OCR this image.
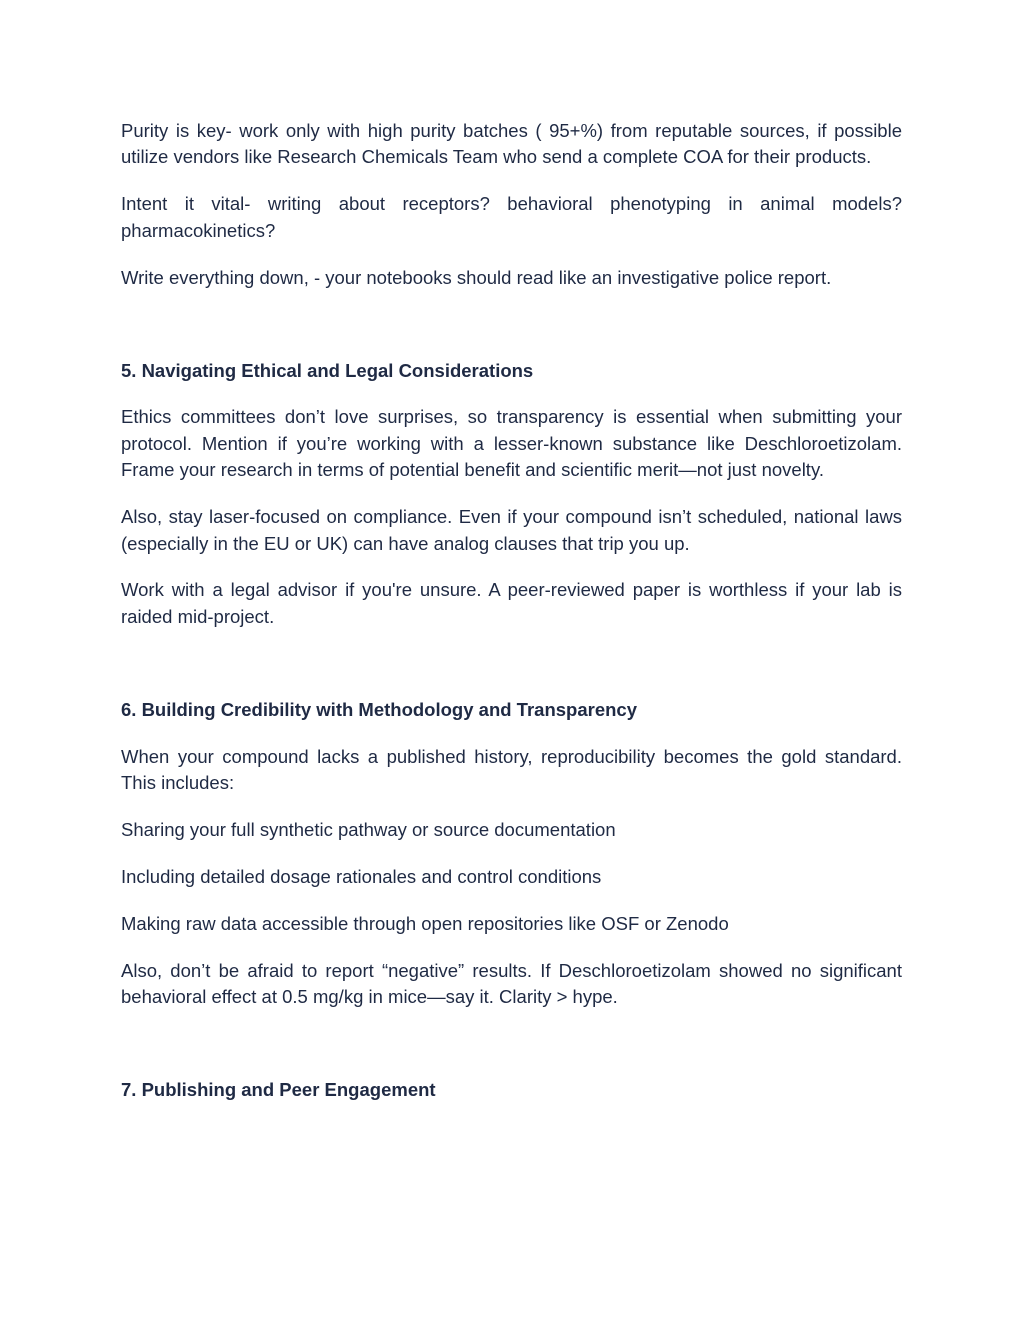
Purity is key- work only with high purity batches ( 95+%) from reputable sources, if possible utilize vendors like Research Chemicals Team who send a complete COA for their products.

Intent it vital- writing about receptors? behavioral phenotyping in animal models? pharmacokinetics?

Write everything down, - your notebooks should read like an investigative police report.

5. Navigating Ethical and Legal Considerations

Ethics committees don’t love surprises, so transparency is essential when submitting your protocol. Mention if you’re working with a lesser-known substance like Deschloroetizolam. Frame your research in terms of potential benefit and scientific merit—not just novelty.

Also, stay laser-focused on compliance. Even if your compound isn’t scheduled, national laws (especially in the EU or UK) can have analog clauses that trip you up.

Work with a legal advisor if you're unsure. A peer-reviewed paper is worthless if your lab is raided mid-project.

6. Building Credibility with Methodology and Transparency

When your compound lacks a published history, reproducibility becomes the gold standard. This includes:

Sharing your full synthetic pathway or source documentation

Including detailed dosage rationales and control conditions

Making raw data accessible through open repositories like OSF or Zenodo

Also, don’t be afraid to report “negative” results. If Deschloroetizolam showed no significant behavioral effect at 0.5 mg/kg in mice—say it. Clarity > hype.

7. Publishing and Peer Engagement
